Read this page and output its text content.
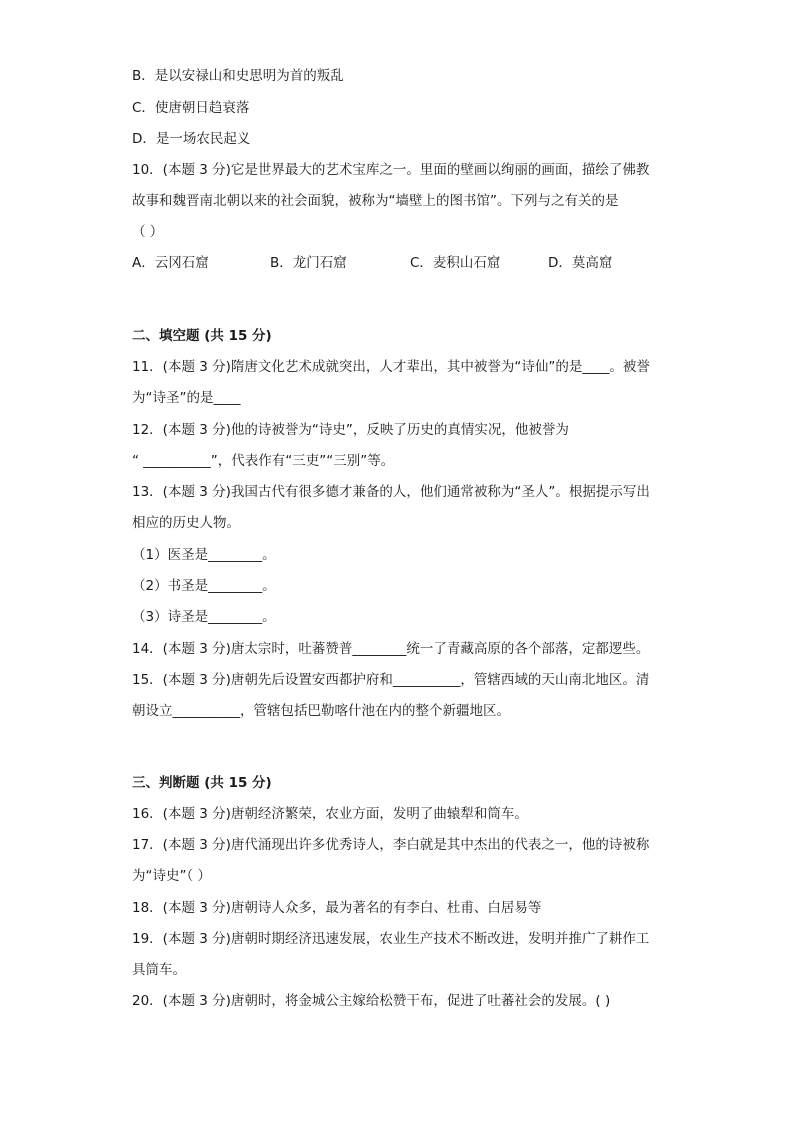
B．是以安禄山和史思明为首的叛乱
C．使唐朝日趋衰落
D．是一场农民起义
10．(本题 3 分)它是世界最大的艺术宝库之一。里面的壁画以绚丽的画面，描绘了佛教
故事和魏晋南北朝以来的社会面貌，被称为“墙壁上的图书馆”。下列与之有关的是
（ ）
A．云冈石窟	B．龙门石窟	C．麦积山石窟	D．莫高窟
二、填空题 (共 15 分)
11．(本题 3 分)隋唐文化艺术成就突出，人才辈出，其中被誉为“诗仙”的是____。被誉
为“诗圣”的是____
12．(本题 3 分)他的诗被誉为“诗史”，反映了历史的真情实况，他被誉为
“ __________”，代表作有“三吏”“三别”等。
13．(本题 3 分)我国古代有很多德才兼备的人，他们通常被称为“圣人”。根据提示写出
相应的历史人物。
（1）医圣是________。
（2）书圣是________。
（3）诗圣是________。
14．(本题 3 分)唐太宗时，吐蕃赞普________统一了青藏高原的各个部落，定都逻些。
15．(本题 3 分)唐朝先后设置安西都护府和__________，管辖西域的天山南北地区。清
朝设立__________，管辖包括巴勒喀什池在内的整个新疆地区。
三、判断题 (共 15 分)
16．(本题 3 分)唐朝经济繁荣，农业方面，发明了曲辕犁和筒车。
17．(本题 3 分)唐代涌现出许多优秀诗人，李白就是其中杰出的代表之一，他的诗被称
为“诗史”（ ）
18．(本题 3 分)唐朝诗人众多，最为著名的有李白、杜甫、白居易等
19．(本题 3 分)唐朝时期经济迅速发展，农业生产技术不断改进，发明并推广了耕作工
具筒车。
20．(本题 3 分)唐朝时，将金城公主嫁给松赞干布，促进了吐蕃社会的发展。( )
